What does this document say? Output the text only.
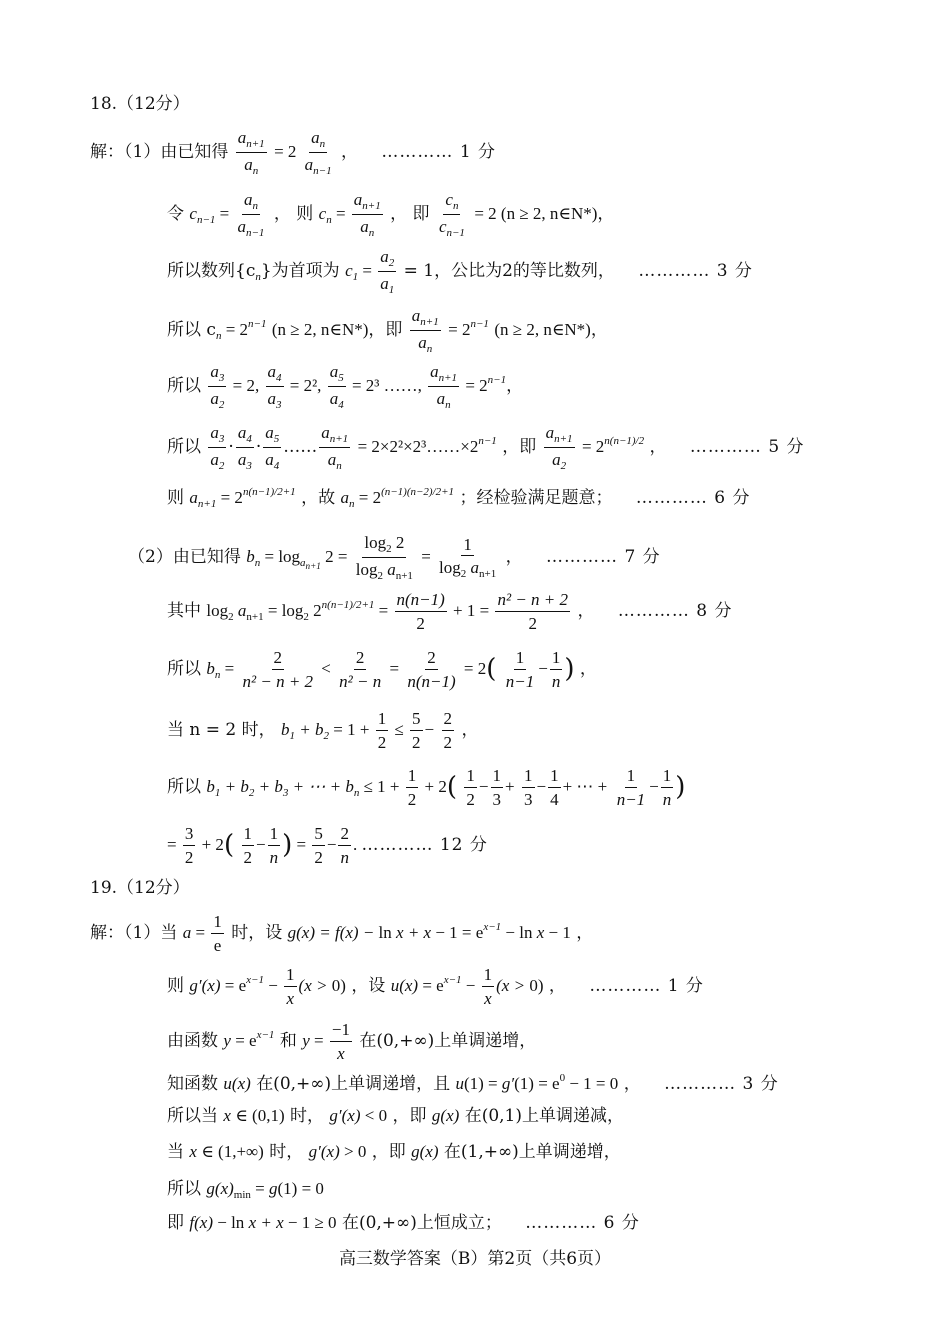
18.（12分）
解：（1）由已知得 $\frac{a_{n+1}}{a_n} = 2 \frac{a_n}{a_{n-1}}$ ， ………… 1 分
令 $c_{n-1} = \frac{a_n}{a_{n-1}}$ ， 则 $c_n = \frac{a_{n+1}}{a_n}$ ， 即 $\frac{c_n}{c_{n-1}} = 2$ (n ≥ 2, n∈N*)，
所以数列$\{c_n\}$为首项为 $c_1 = \frac{a_2}{a_1} = 1$，公比为2的等比数列， ………… 3 分
所以 $c_n = 2^{n-1}$ (n ≥ 2, n∈N*)，即 $\frac{a_{n+1}}{a_n} = 2^{n-1}$ (n ≥ 2, n∈N*)，
所以 $\frac{a_3}{a_2} = 2$, $\frac{a_4}{a_3} = 2^2$, $\frac{a_5}{a_4} = 2^3$ ……, $\frac{a_{n+1}}{a_n} = 2^{n-1}$，
所以 $\frac{a_3}{a_2} \cdot \frac{a_4}{a_3} \cdot \frac{a_5}{a_4}$ …… $\frac{a_{n+1}}{a_n}$ = $2\times 2^2\times 2^3\dots\dots\times 2^{n-1}$ ，即 $\frac{a_{n+1}}{a_2} = 2^{n(n-1)/2}$ ， ………… 5 分
则 $a_{n+1} = 2^{n(n-1)/2+1}$ ，故 $a_n = 2^{(n-1)(n-2)/2+1}$ ；经检验满足题意； ………… 6 分
（2）由已知得 $b_n = \log_{a_{n+1}} 2 = \frac{\log_2 2}{\log_2 a_{n+1}} = \frac{1}{\log_2 a_{n+1}}$ ， ………… 7 分
其中 $\log_2 a_{n+1} = \log_2 2^{n(n-1)/2+1} = \frac{n(n-1)}{2} + 1 = \frac{\text{n² − n + 2}}{2}$ ， ………… 8 分
所以 $b_n = \frac{2}{\text{n² − n + 2}} < \frac{2}{\text{n² − n}} = \frac{2}{n(n-1)} = 2( \frac{1}{n-1} - \frac{1}{n}$ ) ，
当 n = 2 时， $b_1 + b_2 = 1 + \frac{1}{2} \le \frac{5}{2} - \frac{2}{2}$ ，
所以 $b_1 + b_2 + b_3$ + ⋯ + $b_n \le 1 + \frac{1}{2} + 2( \frac{1}{2} - \frac{1}{3} + \frac{1}{3} - \frac{1}{4}$ + ⋯ + $\frac{1}{n-1} - \frac{1}{n}$ )
= $\frac{3}{2} + 2( \frac{1}{2} - \frac{1}{n}$ ) = $\frac{5}{2} - \frac{2}{n}$ . ………… 12 分
19.（12分）
解：（1）当 $a = \frac{1}{e}$ 时，设 $g(x) = f(x) - \ln x + x - 1 = e^{x-1} - \ln x - 1$ ，
则 $g'(x) = e^{x-1} - \frac{1}{x} (x > 0)$ ，设 $u(x) = e^{x-1} - \frac{1}{x} (x > 0)$ ， ………… 1 分
由函数 $y = e^{x-1}$ 和 $y = \frac{-1}{x}$ 在(0,+∞)上单调递增，
知函数 u(x) 在(0,+∞)上单调递增，且 $u(1) = g'(1) = e^0 - 1 = 0$ ， ………… 3 分
所以当 x ∈ (0,1) 时， g′(x) < 0 ，即 g(x) 在(0,1)上单调递减，
当 x ∈ (1,+∞) 时， g′(x) > 0 ，即 g(x) 在(1,+∞)上单调递增，
所以 $g(x)_{min} = g(1) = 0$
即 f(x) − ln x + x − 1 ≥ 0 在(0,+∞)上恒成立； ………… 6 分
高三数学答案（B）第2页（共6页）
